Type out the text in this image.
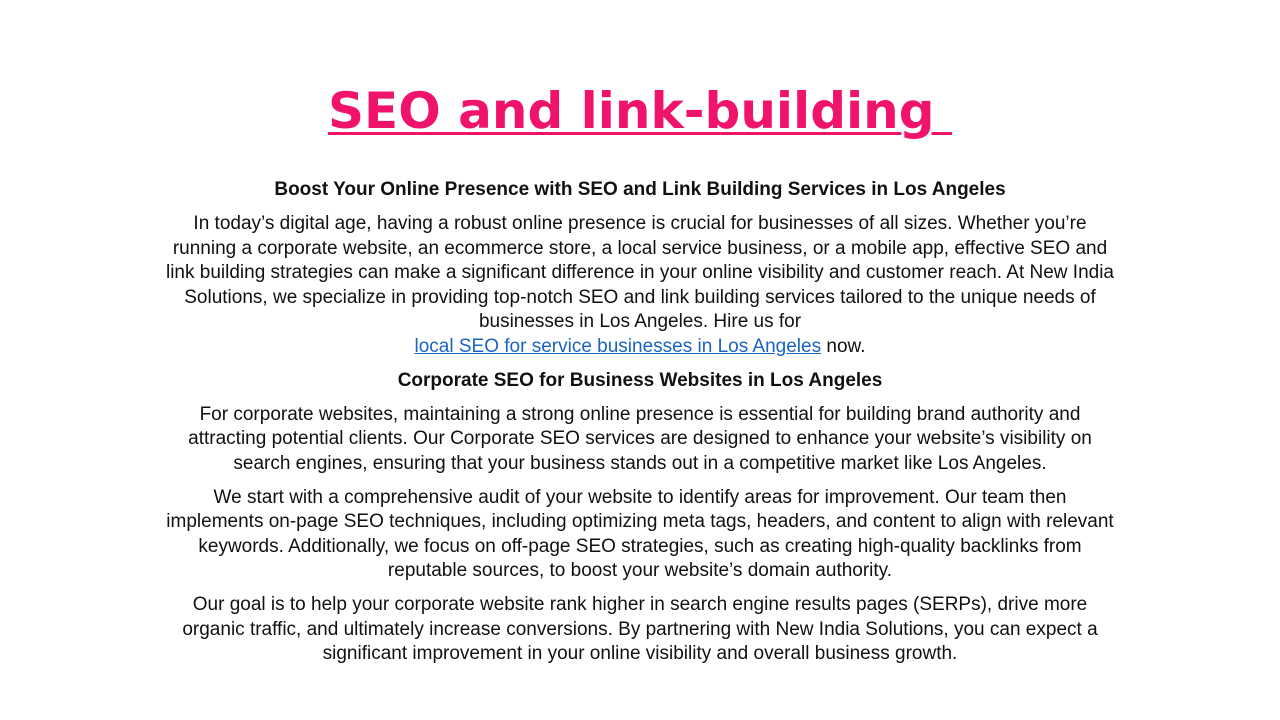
SEO and link-building

Boost Your Online Presence with SEO and Link Building Services in Los Angeles

In today’s digital age, having a robust online presence is crucial for businesses of all sizes. Whether you’re running a corporate website, an ecommerce store, a local service business, or a mobile app, effective SEO and link building strategies can make a significant difference in your online visibility and customer reach. At New India Solutions, we specialize in providing top-notch SEO and link building services tailored to the unique needs of businesses in Los Angeles. Hire us for
local SEO for service businesses in Los Angeles now.

Corporate SEO for Business Websites in Los Angeles

For corporate websites, maintaining a strong online presence is essential for building brand authority and attracting potential clients. Our Corporate SEO services are designed to enhance your website’s visibility on search engines, ensuring that your business stands out in a competitive market like Los Angeles.

We start with a comprehensive audit of your website to identify areas for improvement. Our team then implements on-page SEO techniques, including optimizing meta tags, headers, and content to align with relevant keywords. Additionally, we focus on off-page SEO strategies, such as creating high-quality backlinks from reputable sources, to boost your website’s domain authority.

Our goal is to help your corporate website rank higher in search engine results pages (SERPs), drive more organic traffic, and ultimately increase conversions. By partnering with New India Solutions, you can expect a significant improvement in your online visibility and overall business growth.
